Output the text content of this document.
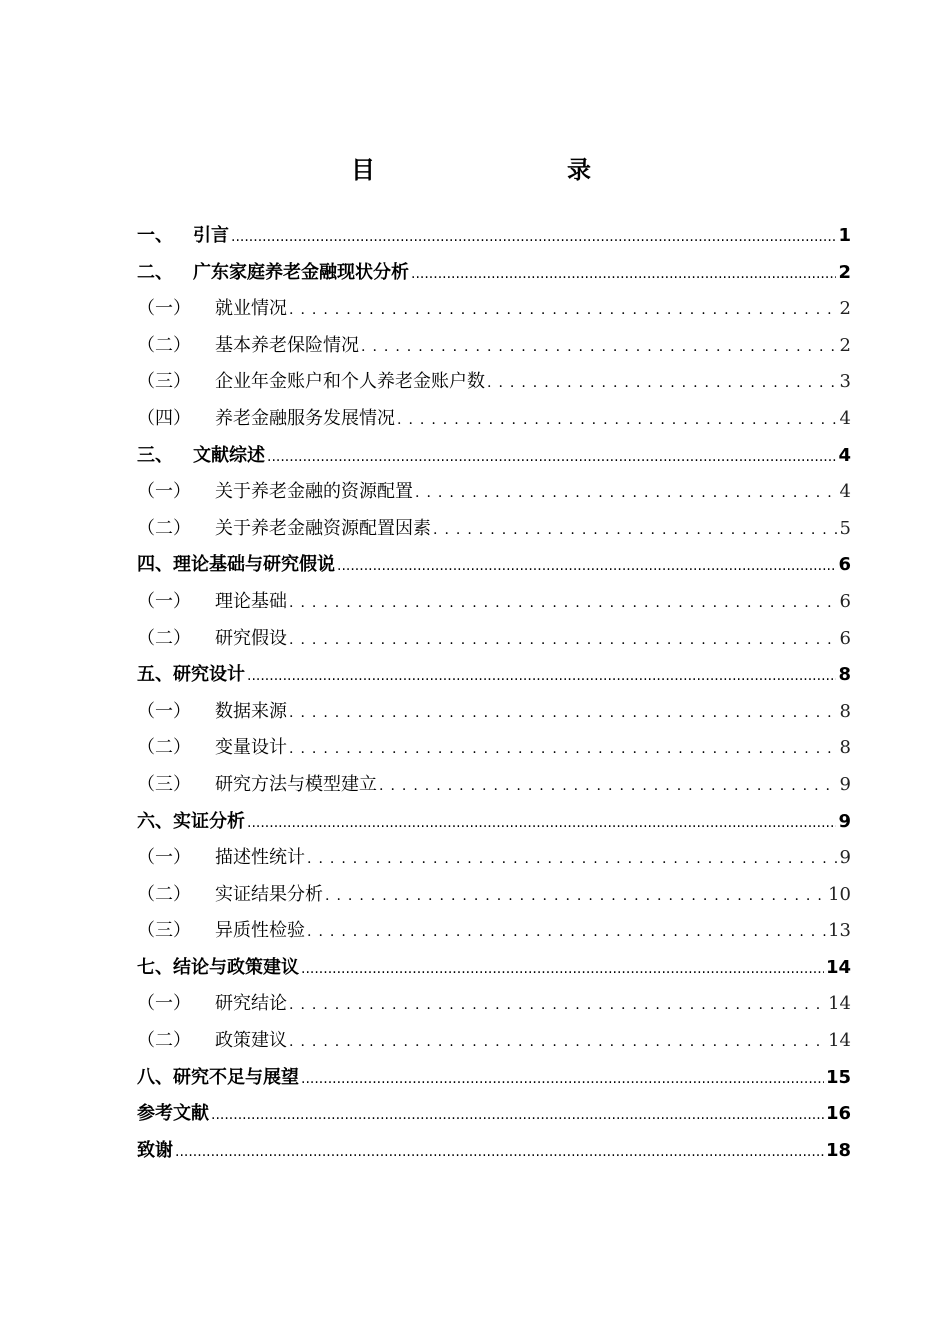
目　　录
一、	引言 .....	1
二、	广东家庭养老金融现状分析 .....	2
（一）	就业情况 .....	2
（二）	基本养老保险情况 .....	2
（三）	企业年金账户和个人养老金账户数 .....	3
（四）	养老金融服务发展情况 .....	4
三、	文献综述 .....	4
（一）	关于养老金融的资源配置 .....	4
（二）	关于养老金融资源配置因素 .....	5
四、 理论基础与研究假说 .....	6
（一）	理论基础 .....	6
（二）	研究假设 .....	6
五、 研究设计 .....	8
（一）	数据来源 .....	8
（二）	变量设计 .....	8
（三）	研究方法与模型建立 .....	9
六、 实证分析 .....	9
（一）	描述性统计 .....	9
（二）	实证结果分析 .....	10
（三）	异质性检验 .....	13
七、 结论与政策建议 .....	14
（一）	研究结论 .....	14
（二）	政策建议 .....	14
八、 研究不足与展望 .....	15
参考文献 .....	16
致谢 .....	18
